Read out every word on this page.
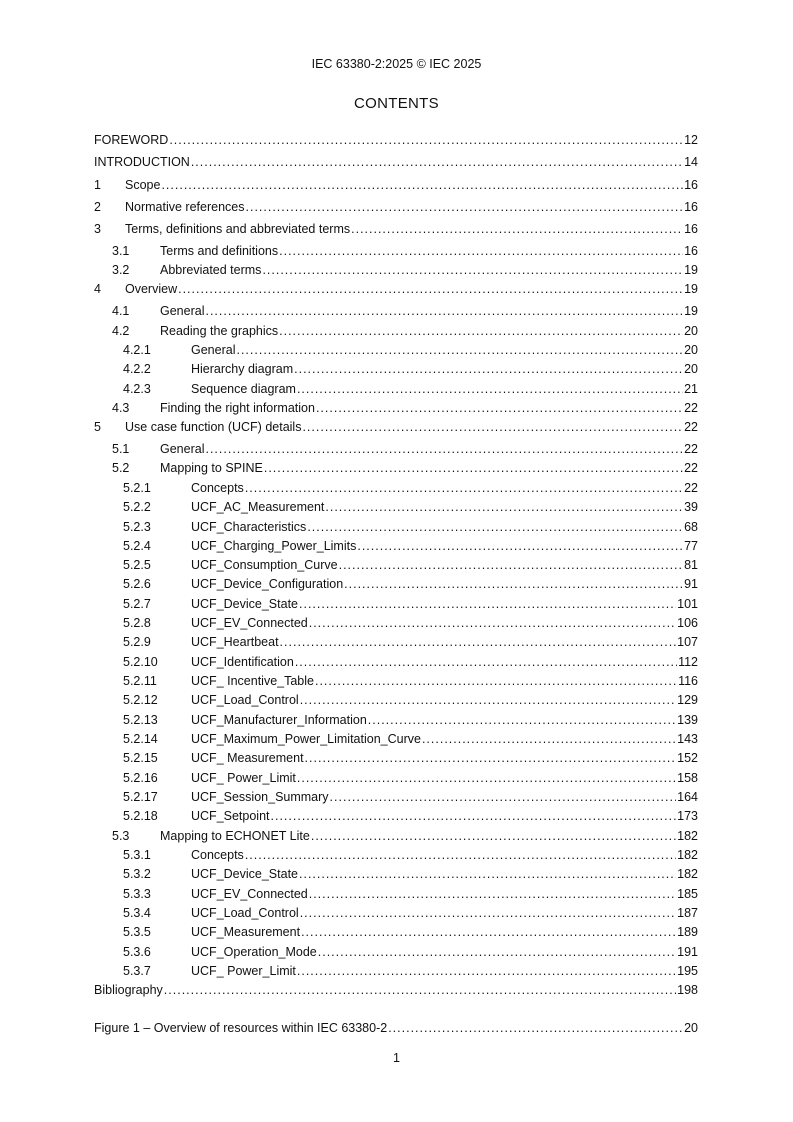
IEC 63380-2:2025 © IEC 2025
CONTENTS
FOREWORD .....	12
INTRODUCTION .....	14
1	Scope .....	16
2	Normative references .....	16
3	Terms, definitions and abbreviated terms .....	16
3.1	Terms and definitions .....	16
3.2	Abbreviated terms .....	19
4	Overview .....	19
4.1	General .....	19
4.2	Reading the graphics .....	20
4.2.1	General .....	20
4.2.2	Hierarchy diagram .....	20
4.2.3	Sequence diagram .....	21
4.3	Finding the right information .....	22
5	Use case function (UCF) details .....	22
5.1	General .....	22
5.2	Mapping to SPINE .....	22
5.2.1	Concepts .....	22
5.2.2	UCF_AC_Measurement .....	39
5.2.3	UCF_Characteristics .....	68
5.2.4	UCF_Charging_Power_Limits .....	77
5.2.5	UCF_Consumption_Curve .....	81
5.2.6	UCF_Device_Configuration .....	91
5.2.7	UCF_Device_State .....	101
5.2.8	UCF_EV_Connected .....	106
5.2.9	UCF_Heartbeat .....	107
5.2.10	UCF_Identification .....	112
5.2.11	UCF_ Incentive_Table .....	116
5.2.12	UCF_Load_Control .....	129
5.2.13	UCF_Manufacturer_Information .....	139
5.2.14	UCF_Maximum_Power_Limitation_Curve .....	143
5.2.15	UCF_ Measurement .....	152
5.2.16	UCF_ Power_Limit .....	158
5.2.17	UCF_Session_Summary .....	164
5.2.18	UCF_Setpoint .....	173
5.3	Mapping to ECHONET Lite .....	182
5.3.1	Concepts .....	182
5.3.2	UCF_Device_State .....	182
5.3.3	UCF_EV_Connected .....	185
5.3.4	UCF_Load_Control .....	187
5.3.5	UCF_Measurement .....	189
5.3.6	UCF_Operation_Mode .....	191
5.3.7	UCF_ Power_Limit .....	195
Bibliography .....	198
Figure 1 – Overview of resources within IEC 63380-2 .....	20
1
